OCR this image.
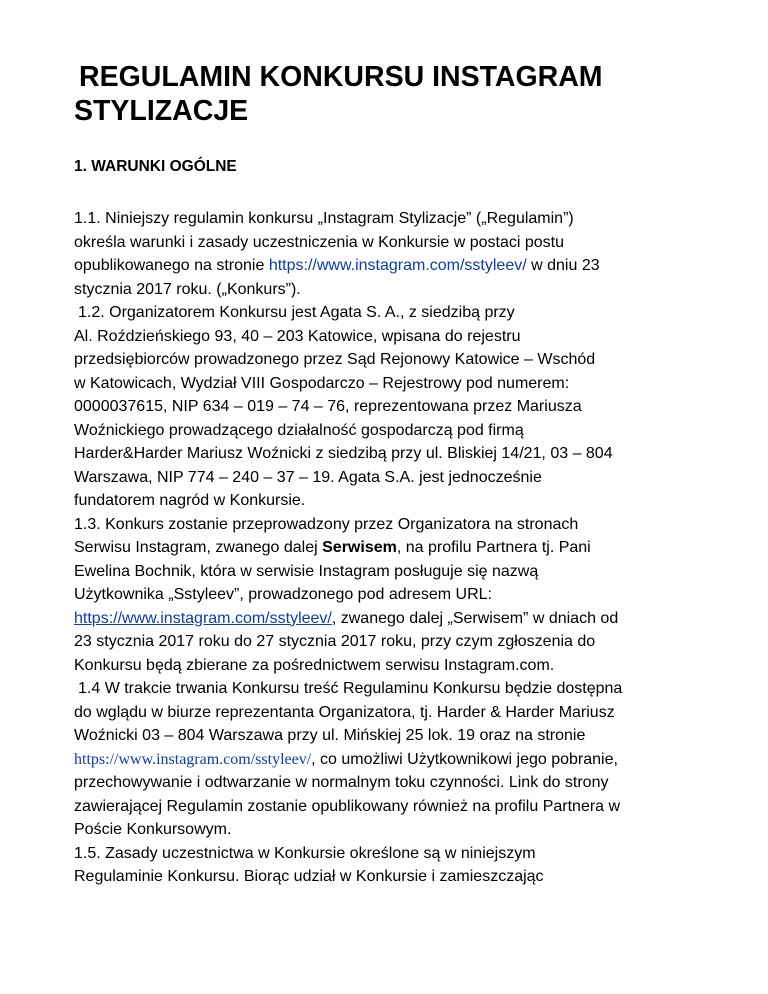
REGULAMIN KONKURSU INSTAGRAM
STYLIZACJE
1. WARUNKI OGÓLNE
1.1. Niniejszy regulamin konkursu „Instagram Stylizacje” („Regulamin”)
określa warunki i zasady uczestniczenia w Konkursie w postaci postu
opublikowanego na stronie https://www.instagram.com/sstyleev/ w dniu 23
stycznia 2017 roku. („Konkurs”).
1.2. Organizatorem Konkursu jest Agata S. A., z siedzibą przy
Al. Roździeńskiego 93, 40 – 203 Katowice, wpisana do rejestru
przedsiębiorców prowadzonego przez Sąd Rejonowy Katowice – Wschód
w Katowicach, Wydział VIII Gospodarczo – Rejestrowy pod numerem:
0000037615, NIP 634 – 019 – 74 – 76, reprezentowana przez Mariusza
Woźnickiego prowadzącego działalność gospodarczą pod firmą
Harder&Harder Mariusz Woźnicki z siedzibą przy ul. Bliskiej 14/21, 03 – 804
Warszawa, NIP 774 – 240 – 37 – 19. Agata S.A. jest jednocześnie
fundatorem nagród w Konkursie.
1.3. Konkurs zostanie przeprowadzony przez Organizatora na stronach
Serwisu Instagram, zwanego dalej Serwisem, na profilu Partnera tj. Pani
Ewelina Bochnik, która w serwisie Instagram posługuje się nazwą
Użytkownika „Sstyleev”, prowadzonego pod adresem URL:
https://www.instagram.com/sstyleev/, zwanego dalej „Serwisem” w dniach od
23 stycznia 2017 roku do 27 stycznia 2017 roku, przy czym zgłoszenia do
Konkursu będą zbierane za pośrednictwem serwisu Instagram.com.
1.4 W trakcie trwania Konkursu treść Regulaminu Konkursu będzie dostępna
do wglądu w biurze reprezentanta Organizatora, tj. Harder & Harder Mariusz
Woźnicki 03 – 804 Warszawa przy ul. Mińskiej 25 lok. 19 oraz na stronie
https://www.instagram.com/sstyleev/, co umożliwi Użytkownikowi jego pobranie,
przechowywanie i odtwarzanie w normalnym toku czynności. Link do strony
zawierającej Regulamin zostanie opublikowany również na profilu Partnera w
Poście Konkursowym.
1.5. Zasady uczestnictwa w Konkursie określone są w niniejszym
Regulaminie Konkursu. Biorąc udział w Konkursie i zamieszczając
